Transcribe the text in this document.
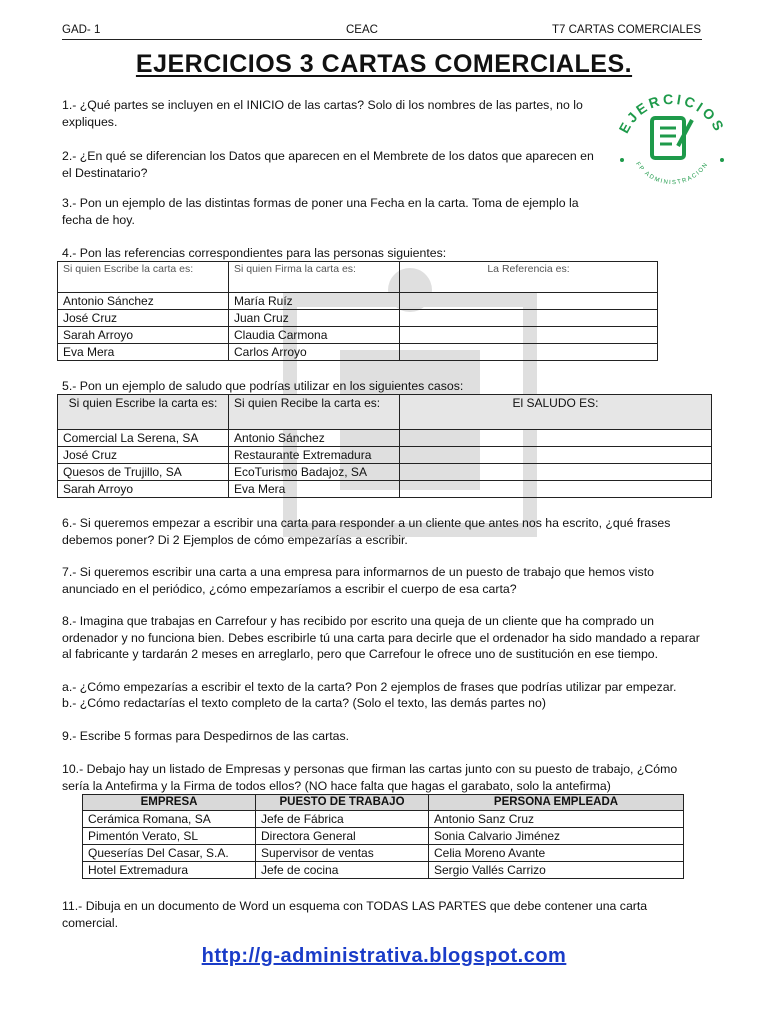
GAD- 1	CEAC	T7 CARTAS COMERCIALES
EJERCICIOS 3 CARTAS COMERCIALES.
EJERCICIOS
FP ADMINISTRACION
1.- ¿Qué partes se incluyen en el INICIO de las cartas? Solo di los nombres de las partes, no lo expliques.
2.- ¿En qué se diferencian los Datos que aparecen en el Membrete de los datos que aparecen en el Destinatario?
3.- Pon un ejemplo de las distintas formas de poner una Fecha en la carta. Toma de ejemplo la fecha de hoy.
4.- Pon las referencias correspondientes para las personas siguientes:
Si quien Escribe la carta es:	Si quien Firma la carta es:	La Referencia es:
Antonio Sánchez	María Ruíz	
José Cruz	Juan Cruz	
Sarah Arroyo	Claudia Carmona	
Eva Mera	Carlos Arroyo	
5.- Pon un ejemplo de saludo que podrías utilizar en los siguientes casos:
Si quien Escribe la carta es:	Si quien Recibe la carta es:	El SALUDO ES:
Comercial La Serena, SA	Antonio Sánchez	
José Cruz	Restaurante Extremadura	
Quesos de Trujillo, SA	EcoTurismo Badajoz, SA	
Sarah Arroyo	Eva Mera	
6.- Si queremos empezar a escribir una carta para responder a un cliente que antes nos ha escrito, ¿qué frases debemos poner? Di 2 Ejemplos de cómo empezarías a escribir.
7.- Si queremos escribir una carta a una empresa para informarnos de un puesto de trabajo que hemos visto anunciado en el periódico, ¿cómo empezaríamos a escribir el cuerpo de esa carta?
8.- Imagina que trabajas en Carrefour y has recibido por escrito una queja de un cliente que ha comprado un ordenador y no funciona bien. Debes escribirle tú una carta para decirle que el ordenador ha sido mandado a reparar al fabricante y tardarán 2 meses en arreglarlo, pero que Carrefour le ofrece uno de sustitución en ese tiempo.
a.- ¿Cómo empezarías a escribir el texto de la carta? Pon 2 ejemplos de frases que podrías utilizar par empezar.
b.- ¿Cómo redactarías el texto completo de la carta? (Solo el texto, las demás partes no)
9.- Escribe 5 formas para Despedirnos de las cartas.
10.- Debajo hay un listado de Empresas y personas que firman las cartas junto con su puesto de trabajo, ¿Cómo sería la Antefirma y la Firma de todos ellos? (NO hace falta que hagas el garabato, solo la antefirma)
EMPRESA	PUESTO DE TRABAJO	PERSONA EMPLEADA
Cerámica Romana, SA	Jefe de Fábrica	Antonio Sanz Cruz
Pimentón Verato, SL	Directora General	Sonia Calvario Jiménez
Queserías Del Casar, S.A.	Supervisor de ventas	Celia Moreno Avante
Hotel Extremadura	Jefe de cocina	Sergio Vallés Carrizo
11.- Dibuja en un documento de Word un esquema con TODAS LAS PARTES que debe contener una carta comercial.
http://g-administrativa.blogspot.com
